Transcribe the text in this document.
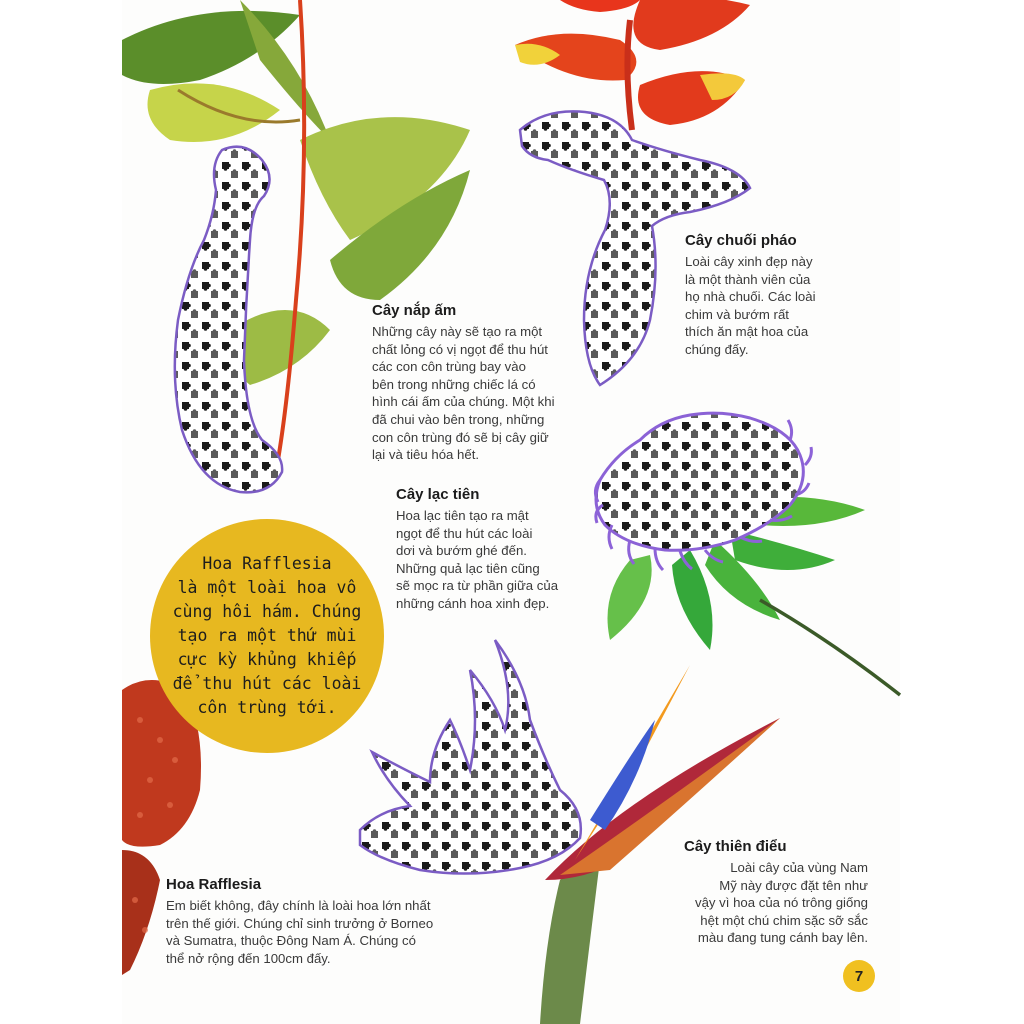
Cây nắp ấm

Những cây này sẽ tạo ra một
chất lỏng có vị ngọt để thu hút
các con côn trùng bay vào
bên trong những chiếc lá có
hình cái ấm của chúng. Một khi
đã chui vào bên trong, những
con côn trùng đó sẽ bị cây giữ
lại và tiêu hóa hết.

Cây chuối pháo

Loài cây xinh đẹp này
là một thành viên của
họ nhà chuối. Các loài
chim và bướm rất
thích ăn mật hoa của
chúng đấy.

Cây lạc tiên

Hoa lạc tiên tạo ra mật
ngọt để thu hút các loài
dơi và bướm ghé đến.
Những quả lạc tiên cũng
sẽ mọc ra từ phần giữa của
những cánh hoa xinh đẹp.

Cây thiên điểu

Loài cây của vùng Nam
Mỹ này được đặt tên như
vậy vì hoa của nó trông giống
hệt một chú chim sặc sỡ sắc
màu đang tung cánh bay lên.

Hoa Rafflesia

Em biết không, đây chính là loài hoa lớn nhất
trên thế giới. Chúng chỉ sinh trưởng ở Borneo
và Sumatra, thuộc Đông Nam Á. Chúng có
thể nở rộng đến 100cm đấy.

Hoa Rafflesia
là một loài hoa vô
cùng hôi hám. Chúng
tạo ra một thứ mùi
cực kỳ khủng khiếp
để thu hút các loài
côn trùng tới.

7
